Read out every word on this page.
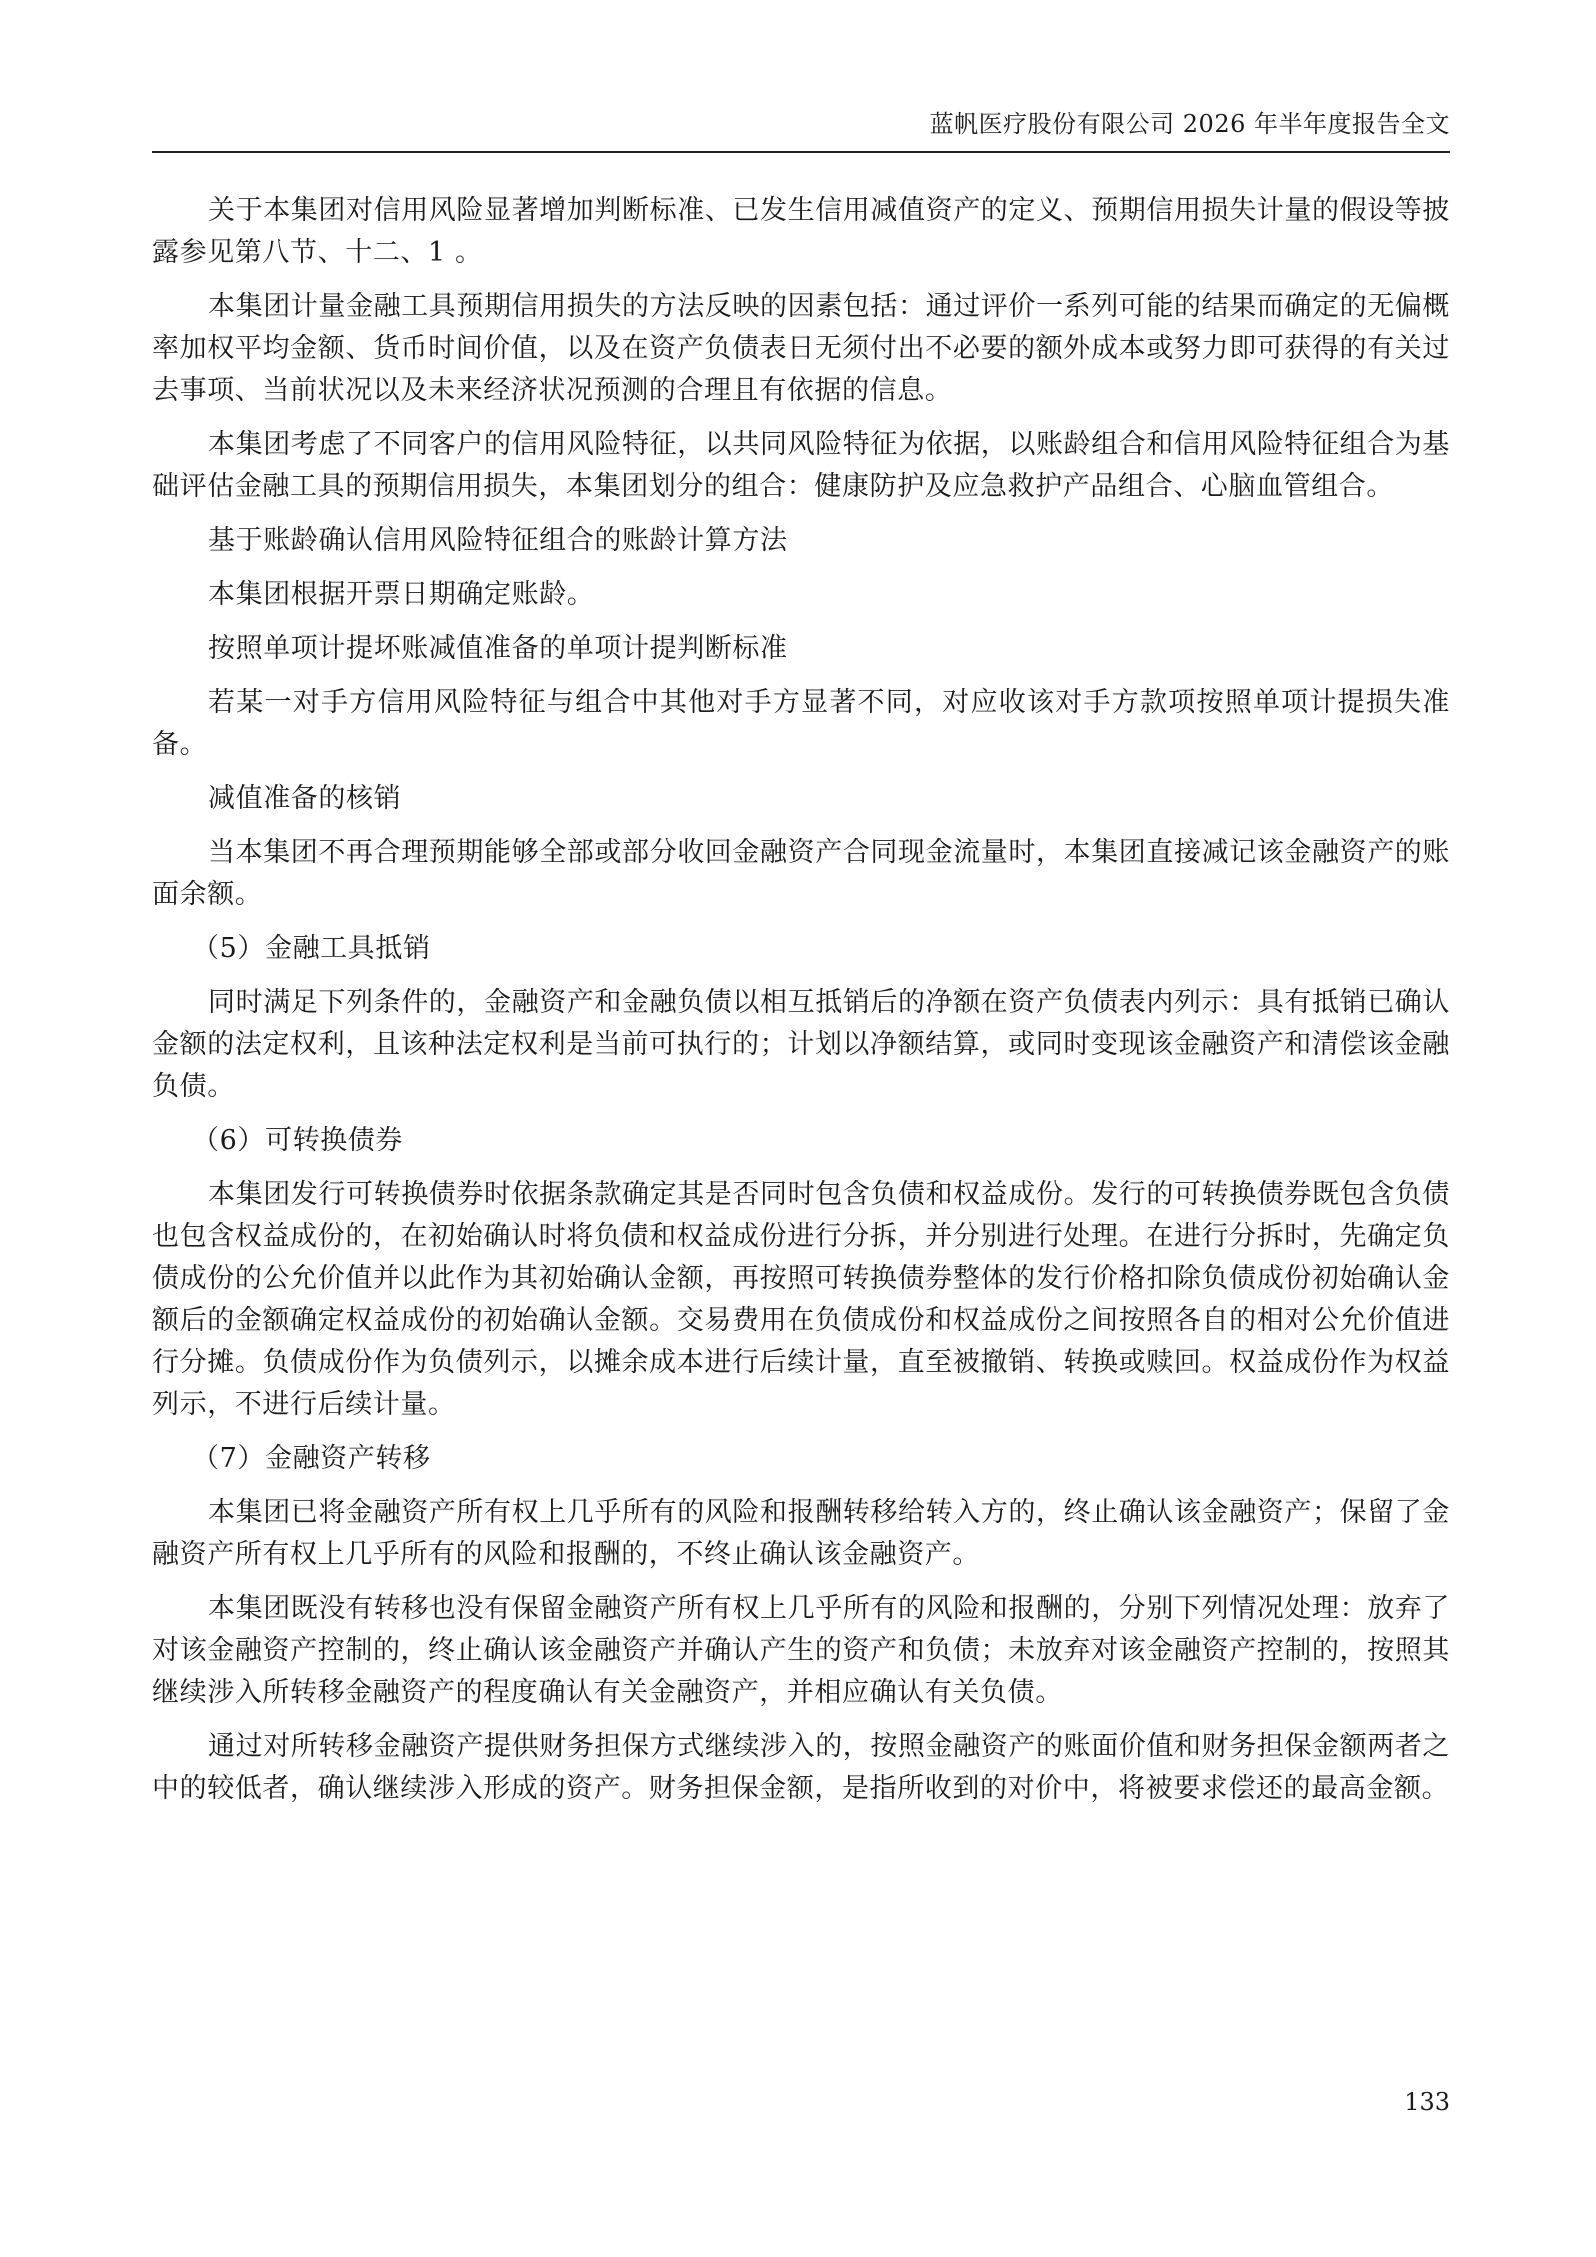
蓝帆医疗股份有限公司 2026 年半年度报告全文

关于本集团对信用风险显著增加判断标准、已发生信用减值资产的定义、预期信用损失计量的假设等披露参见第八节、十二、1 。

本集团计量金融工具预期信用损失的方法反映的因素包括：通过评价一系列可能的结果而确定的无偏概率加权平均金额、货币时间价值，以及在资产负债表日无须付出不必要的额外成本或努力即可获得的有关过去事项、当前状况以及未来经济状况预测的合理且有依据的信息。

本集团考虑了不同客户的信用风险特征，以共同风险特征为依据，以账龄组合和信用风险特征组合为基础评估金融工具的预期信用损失，本集团划分的组合：健康防护及应急救护产品组合、心脑血管组合。

基于账龄确认信用风险特征组合的账龄计算方法

本集团根据开票日期确定账龄。

按照单项计提坏账减值准备的单项计提判断标准

若某一对手方信用风险特征与组合中其他对手方显著不同，对应收该对手方款项按照单项计提损失准备。

减值准备的核销

当本集团不再合理预期能够全部或部分收回金融资产合同现金流量时，本集团直接减记该金融资产的账面余额。

（5）金融工具抵销

同时满足下列条件的，金融资产和金融负债以相互抵销后的净额在资产负债表内列示：具有抵销已确认金额的法定权利，且该种法定权利是当前可执行的；计划以净额结算，或同时变现该金融资产和清偿该金融负债。

（6）可转换债券

本集团发行可转换债券时依据条款确定其是否同时包含负债和权益成份。发行的可转换债券既包含负债也包含权益成份的，在初始确认时将负债和权益成份进行分拆，并分别进行处理。在进行分拆时，先确定负债成份的公允价值并以此作为其初始确认金额，再按照可转换债券整体的发行价格扣除负债成份初始确认金额后的金额确定权益成份的初始确认金额。交易费用在负债成份和权益成份之间按照各自的相对公允价值进行分摊。负债成份作为负债列示，以摊余成本进行后续计量，直至被撤销、转换或赎回。权益成份作为权益列示，不进行后续计量。

（7）金融资产转移

本集团已将金融资产所有权上几乎所有的风险和报酬转移给转入方的，终止确认该金融资产；保留了金融资产所有权上几乎所有的风险和报酬的，不终止确认该金融资产。

本集团既没有转移也没有保留金融资产所有权上几乎所有的风险和报酬的，分别下列情况处理：放弃了对该金融资产控制的，终止确认该金融资产并确认产生的资产和负债；未放弃对该金融资产控制的，按照其继续涉入所转移金融资产的程度确认有关金融资产，并相应确认有关负债。

通过对所转移金融资产提供财务担保方式继续涉入的，按照金融资产的账面价值和财务担保金额两者之中的较低者，确认继续涉入形成的资产。财务担保金额，是指所收到的对价中，将被要求偿还的最高金额。

133
